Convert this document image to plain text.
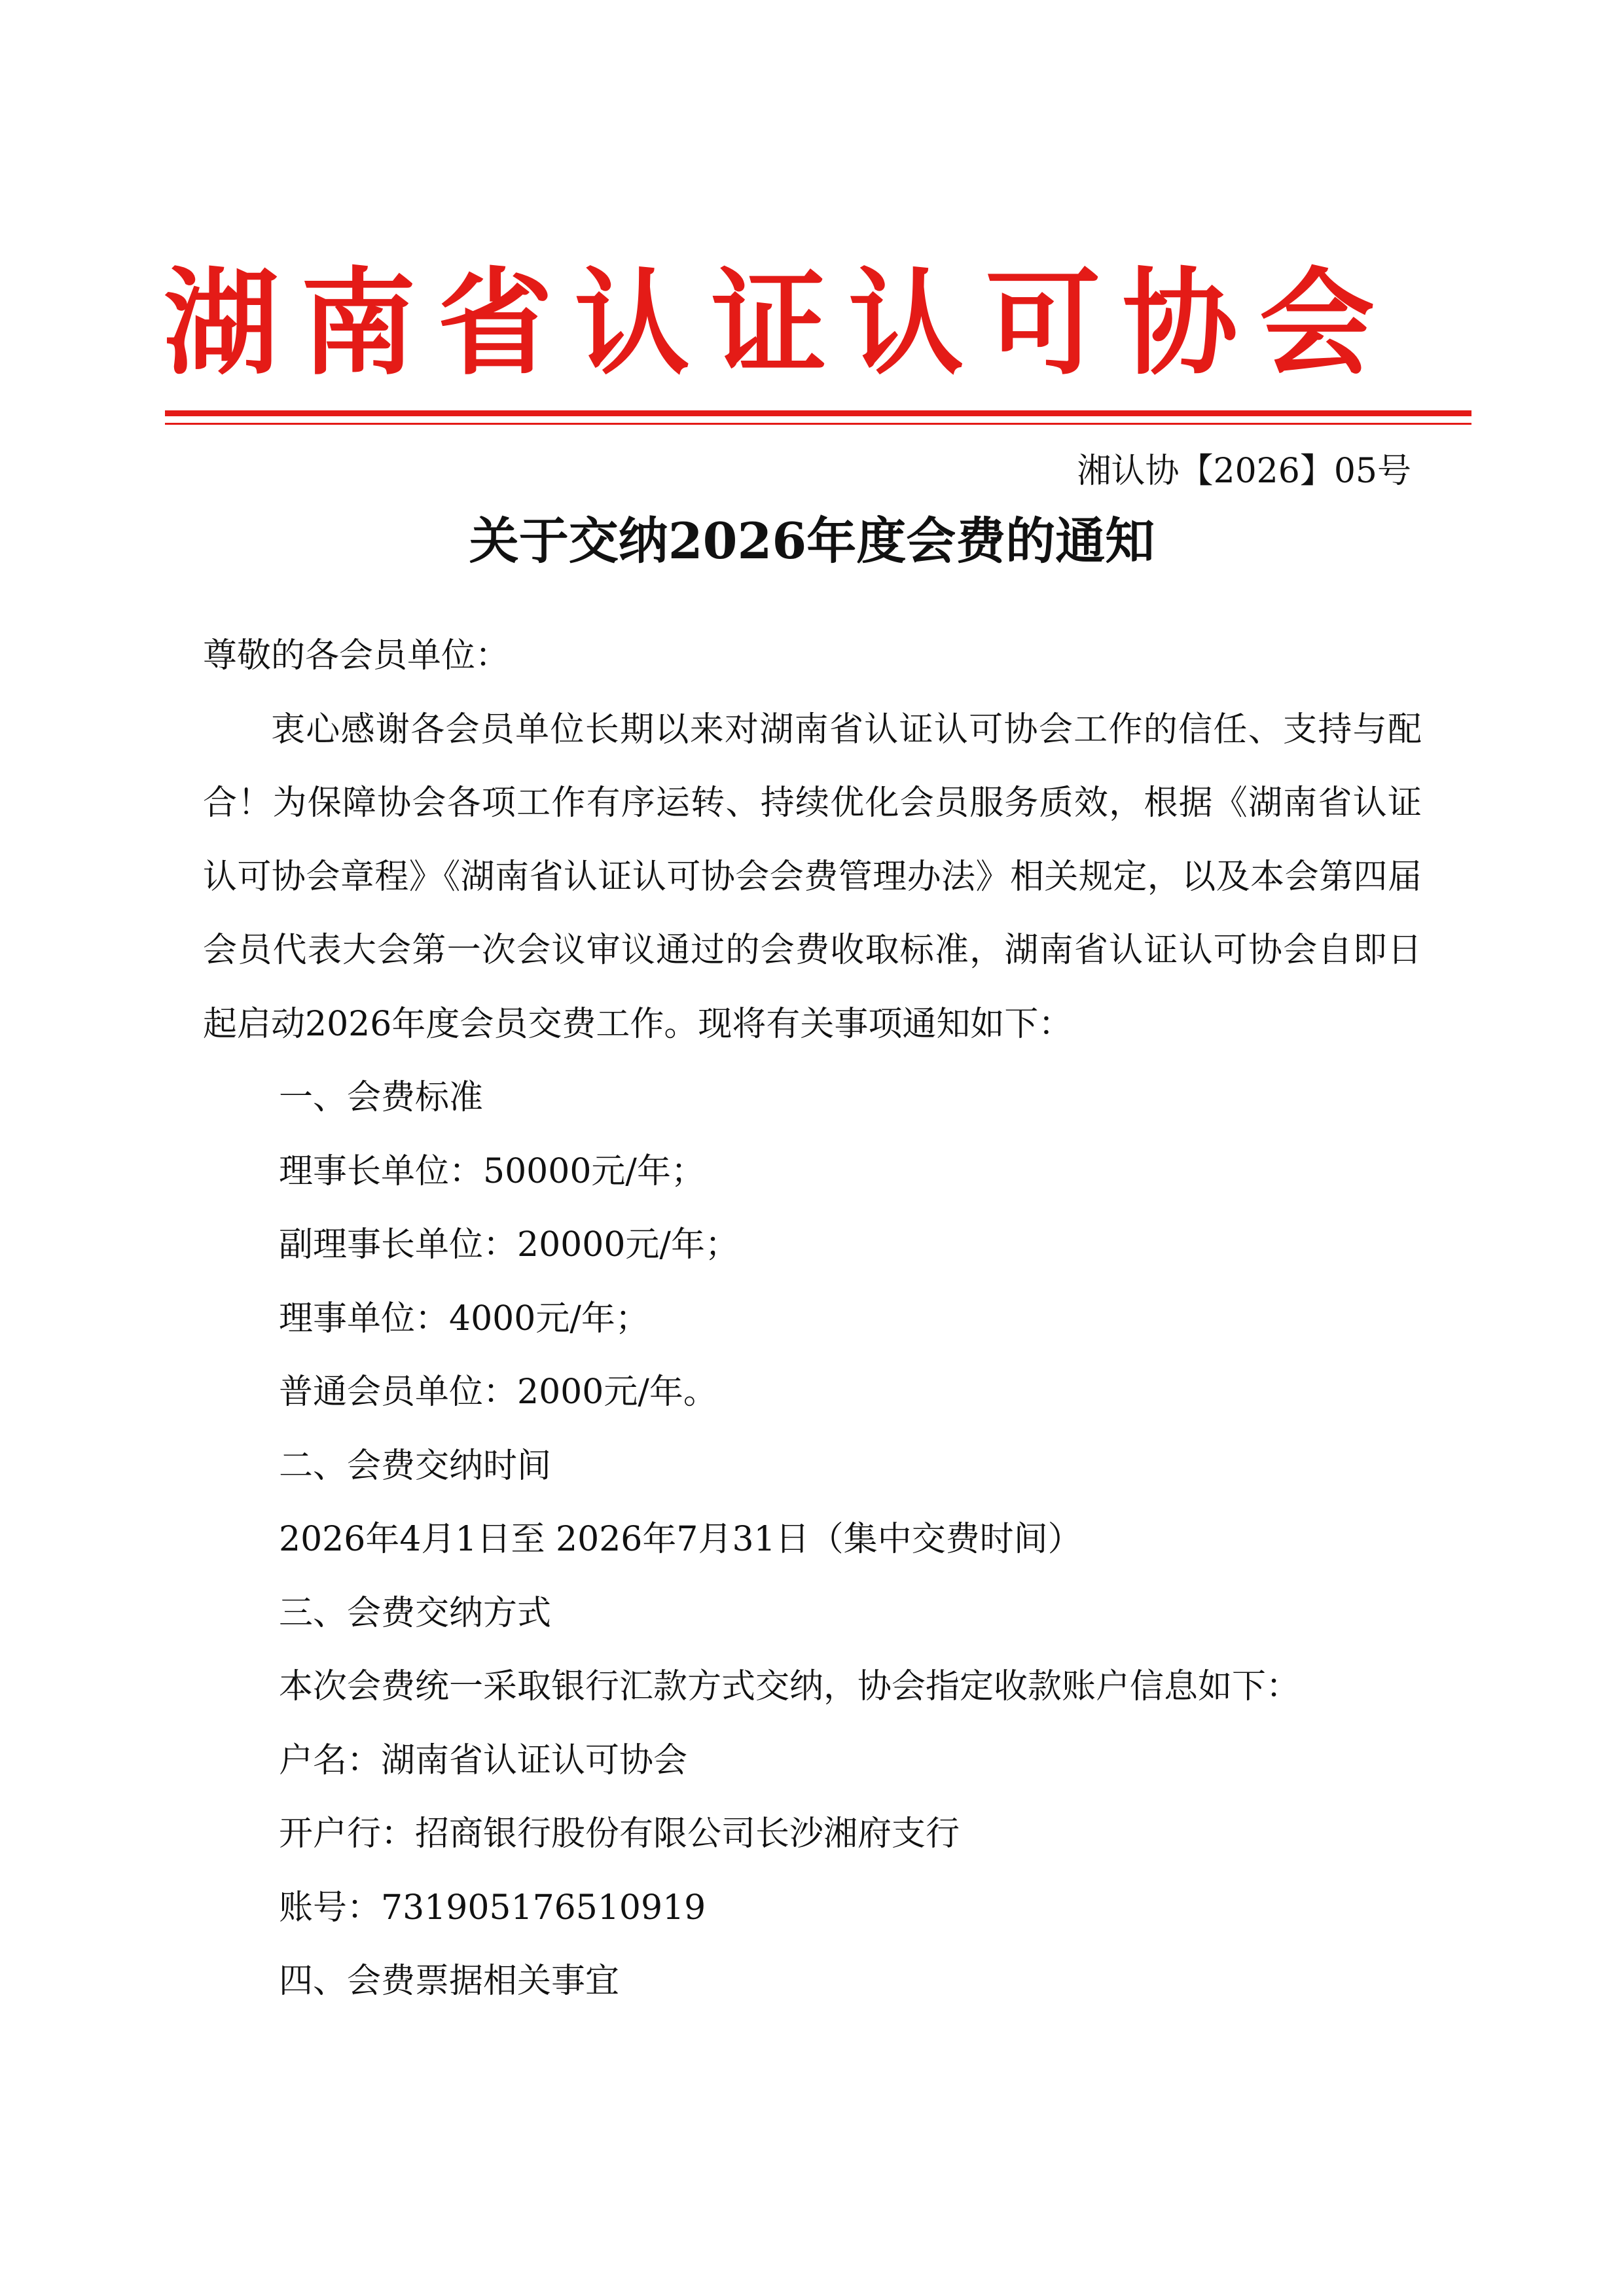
湖南省认证认可协会
湘认协【2026】05号
关于交纳2026年度会费的通知

尊敬的各会员单位：

衷心感谢各会员单位长期以来对湖南省认证认可协会工作的信任、支持与配合！为保障协会各项工作有序运转、持续优化会员服务质效，根据《湖南省认证认可协会章程》《湖南省认证认可协会会费管理办法》相关规定，以及本会第四届会员代表大会第一次会议审议通过的会费收取标准，湖南省认证认可协会自即日起启动2026年度会员交费工作。现将有关事项通知如下：

一、会费标准

理事长单位：50000元/年；

副理事长单位：20000元/年；

理事单位：4000元/年；

普通会员单位：2000元/年。

二、会费交纳时间

2026年4月1日至 2026年7月31日（集中交费时间）

三、会费交纳方式

本次会费统一采取银行汇款方式交纳，协会指定收款账户信息如下：

户名：湖南省认证认可协会

开户行：招商银行股份有限公司长沙湘府支行

账号：731905176510919

四、会费票据相关事宜
